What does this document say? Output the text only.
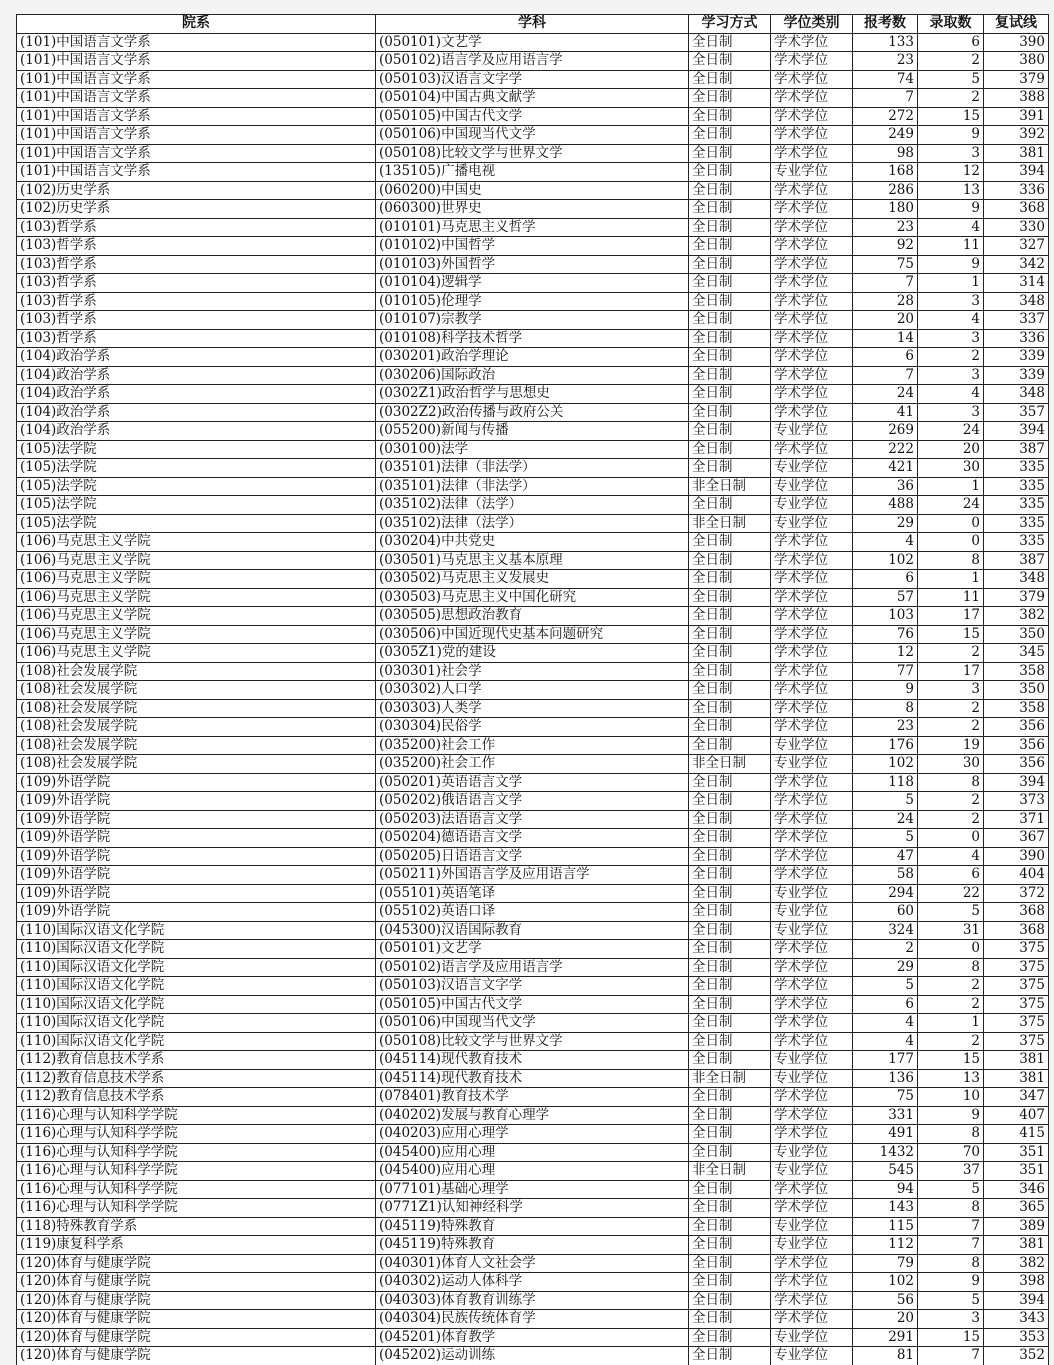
院系	学科	学习方式	学位类别	报考数	录取数	复试线
(101)中国语言文学系	(050101)文艺学	全日制	学术学位	133	6	390
(101)中国语言文学系	(050102)语言学及应用语言学	全日制	学术学位	23	2	380
(101)中国语言文学系	(050103)汉语言文字学	全日制	学术学位	74	5	379
(101)中国语言文学系	(050104)中国古典文献学	全日制	学术学位	7	2	388
(101)中国语言文学系	(050105)中国古代文学	全日制	学术学位	272	15	391
(101)中国语言文学系	(050106)中国现当代文学	全日制	学术学位	249	9	392
(101)中国语言文学系	(050108)比较文学与世界文学	全日制	学术学位	98	3	381
(101)中国语言文学系	(135105)广播电视	全日制	专业学位	168	12	394
(102)历史学系	(060200)中国史	全日制	学术学位	286	13	336
(102)历史学系	(060300)世界史	全日制	学术学位	180	9	368
(103)哲学系	(010101)马克思主义哲学	全日制	学术学位	23	4	330
(103)哲学系	(010102)中国哲学	全日制	学术学位	92	11	327
(103)哲学系	(010103)外国哲学	全日制	学术学位	75	9	342
(103)哲学系	(010104)逻辑学	全日制	学术学位	7	1	314
(103)哲学系	(010105)伦理学	全日制	学术学位	28	3	348
(103)哲学系	(010107)宗教学	全日制	学术学位	20	4	337
(103)哲学系	(010108)科学技术哲学	全日制	学术学位	14	3	336
(104)政治学系	(030201)政治学理论	全日制	学术学位	6	2	339
(104)政治学系	(030206)国际政治	全日制	学术学位	7	3	339
(104)政治学系	(0302Z1)政治哲学与思想史	全日制	学术学位	24	4	348
(104)政治学系	(0302Z2)政治传播与政府公关	全日制	学术学位	41	3	357
(104)政治学系	(055200)新闻与传播	全日制	专业学位	269	24	394
(105)法学院	(030100)法学	全日制	学术学位	222	20	387
(105)法学院	(035101)法律（非法学）	全日制	专业学位	421	30	335
(105)法学院	(035101)法律（非法学）	非全日制	专业学位	36	1	335
(105)法学院	(035102)法律（法学）	全日制	专业学位	488	24	335
(105)法学院	(035102)法律（法学）	非全日制	专业学位	29	0	335
(106)马克思主义学院	(030204)中共党史	全日制	学术学位	4	0	335
(106)马克思主义学院	(030501)马克思主义基本原理	全日制	学术学位	102	8	387
(106)马克思主义学院	(030502)马克思主义发展史	全日制	学术学位	6	1	348
(106)马克思主义学院	(030503)马克思主义中国化研究	全日制	学术学位	57	11	379
(106)马克思主义学院	(030505)思想政治教育	全日制	学术学位	103	17	382
(106)马克思主义学院	(030506)中国近现代史基本问题研究	全日制	学术学位	76	15	350
(106)马克思主义学院	(0305Z1)党的建设	全日制	学术学位	12	2	345
(108)社会发展学院	(030301)社会学	全日制	学术学位	77	17	358
(108)社会发展学院	(030302)人口学	全日制	学术学位	9	3	350
(108)社会发展学院	(030303)人类学	全日制	学术学位	8	2	358
(108)社会发展学院	(030304)民俗学	全日制	学术学位	23	2	356
(108)社会发展学院	(035200)社会工作	全日制	专业学位	176	19	356
(108)社会发展学院	(035200)社会工作	非全日制	专业学位	102	30	356
(109)外语学院	(050201)英语语言文学	全日制	学术学位	118	8	394
(109)外语学院	(050202)俄语语言文学	全日制	学术学位	5	2	373
(109)外语学院	(050203)法语语言文学	全日制	学术学位	24	2	371
(109)外语学院	(050204)德语语言文学	全日制	学术学位	5	0	367
(109)外语学院	(050205)日语语言文学	全日制	学术学位	47	4	390
(109)外语学院	(050211)外国语言学及应用语言学	全日制	学术学位	58	6	404
(109)外语学院	(055101)英语笔译	全日制	专业学位	294	22	372
(109)外语学院	(055102)英语口译	全日制	专业学位	60	5	368
(110)国际汉语文化学院	(045300)汉语国际教育	全日制	专业学位	324	31	368
(110)国际汉语文化学院	(050101)文艺学	全日制	学术学位	2	0	375
(110)国际汉语文化学院	(050102)语言学及应用语言学	全日制	学术学位	29	8	375
(110)国际汉语文化学院	(050103)汉语言文字学	全日制	学术学位	5	2	375
(110)国际汉语文化学院	(050105)中国古代文学	全日制	学术学位	6	2	375
(110)国际汉语文化学院	(050106)中国现当代文学	全日制	学术学位	4	1	375
(110)国际汉语文化学院	(050108)比较文学与世界文学	全日制	学术学位	4	2	375
(112)教育信息技术学系	(045114)现代教育技术	全日制	专业学位	177	15	381
(112)教育信息技术学系	(045114)现代教育技术	非全日制	专业学位	136	13	381
(112)教育信息技术学系	(078401)教育技术学	全日制	学术学位	75	10	347
(116)心理与认知科学学院	(040202)发展与教育心理学	全日制	学术学位	331	9	407
(116)心理与认知科学学院	(040203)应用心理学	全日制	学术学位	491	8	415
(116)心理与认知科学学院	(045400)应用心理	全日制	专业学位	1432	70	351
(116)心理与认知科学学院	(045400)应用心理	非全日制	专业学位	545	37	351
(116)心理与认知科学学院	(077101)基础心理学	全日制	学术学位	94	5	346
(116)心理与认知科学学院	(0771Z1)认知神经科学	全日制	学术学位	143	8	365
(118)特殊教育学系	(045119)特殊教育	全日制	专业学位	115	7	389
(119)康复科学系	(045119)特殊教育	全日制	专业学位	112	7	381
(120)体育与健康学院	(040301)体育人文社会学	全日制	学术学位	79	8	382
(120)体育与健康学院	(040302)运动人体科学	全日制	学术学位	102	9	398
(120)体育与健康学院	(040303)体育教育训练学	全日制	学术学位	56	5	394
(120)体育与健康学院	(040304)民族传统体育学	全日制	学术学位	20	3	343
(120)体育与健康学院	(045201)体育教学	全日制	专业学位	291	15	353
(120)体育与健康学院	(045202)运动训练	全日制	专业学位	81	7	352
